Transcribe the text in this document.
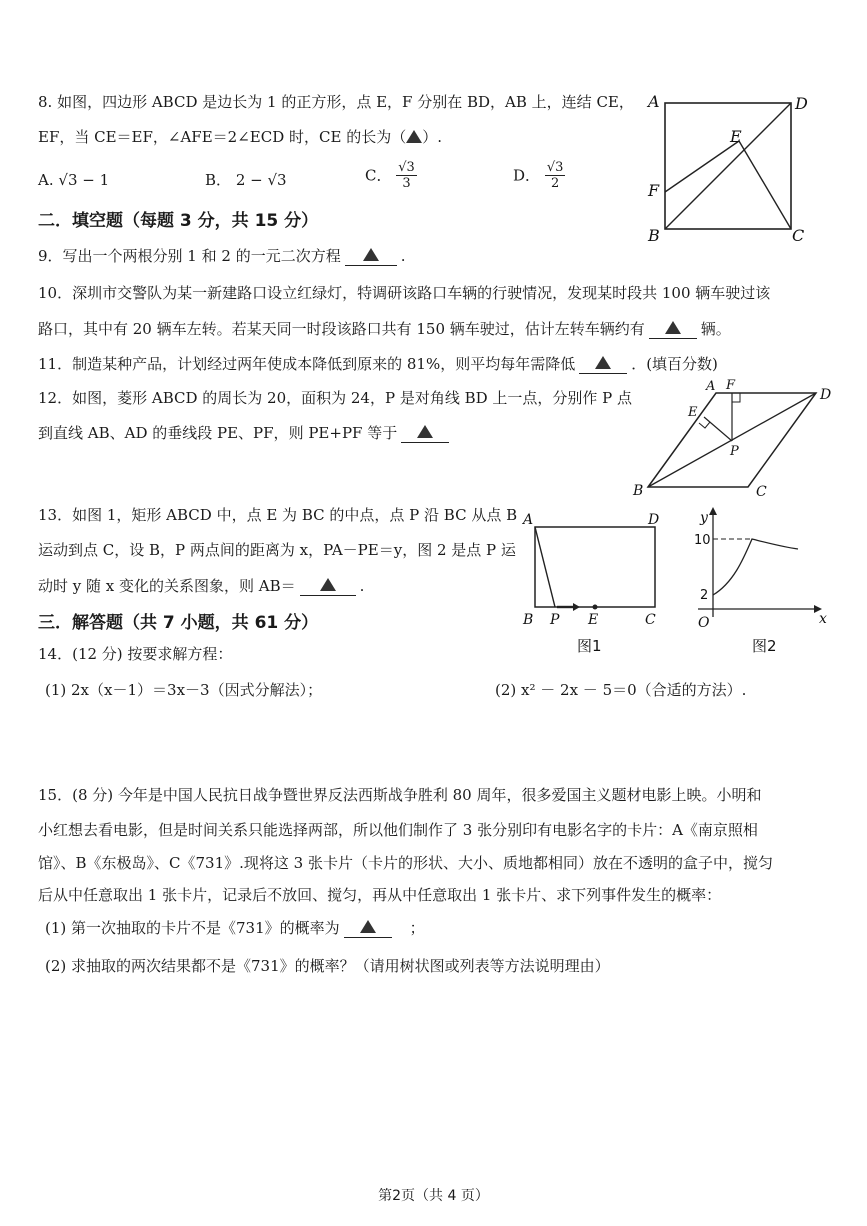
8. 如图，四边形 ABCD 是边长为 1 的正方形，点 E，F 分别在 BD，AB 上，连结 CE，
EF，当 CE＝EF，∠AFE＝2∠ECD 时，CE 的长为（ ）.
A. √3 − 1	B． 2 − √3	C． $\frac{√3}{3}$	D． $\frac{√3}{2}$
A	D
E
F
B	C
二．填空题（每题 3 分，共 15 分）
9．写出一个两根分别 1 和 2 的一元二次方程	.
10．深圳市交警队为某一新建路口设立红绿灯，特调研该路口车辆的行驶情况，发现某时段共 100 辆车驶过该
路口，其中有 20 辆车左转。若某天同一时段该路口共有 150 辆车驶过，估计左转车辆约有	辆。
11．制造某种产品，计划经过两年使成本降低到原来的 81%，则平均每年需降低	．(填百分数)
12．如图，菱形 ABCD 的周长为 20，面积为 24，P 是对角线 BD 上一点，分别作 P 点
到直线 AB、AD 的垂线段 PE、PF，则 PE+PF 等于
A F
D
E
P
B	C
13．如图 1，矩形 ABCD 中，点 E 为 BC 的中点，点 P 沿 BC 从点 B
运动到点 C，设 B，P 两点间的距离为 x，PA－PE＝y，图 2 是点 P 运
动时 y 随 x 变化的关系图象，则 AB＝	.
A	D
B P E	C
图1
y
x
O
10
2
图2
三．解答题（共 7 小题，共 61 分）
14．(12 分) 按要求解方程：
(1) 2x（x－1）＝3x－3（因式分解法）；	(2) x² － 2x － 5＝0（合适的方法）.
15．(8 分) 今年是中国人民抗日战争暨世界反法西斯战争胜利 80 周年，很多爱国主义题材电影上映。小明和
小红想去看电影，但是时间关系只能选择两部，所以他们制作了 3 张分别印有电影名字的卡片：A《南京照相
馆》、B《东极岛》、C《731》.现将这 3 张卡片（卡片的形状、大小、质地都相同）放在不透明的盒子中，搅匀
后从中任意取出 1 张卡片，记录后不放回、搅匀，再从中任意取出 1 张卡片、求下列事件发生的概率：
(1) 第一次抽取的卡片不是《731》的概率为	；
(2) 求抽取的两次结果都不是《731》的概率？（请用树状图或列表等方法说明理由）
第2页（共 4 页）
